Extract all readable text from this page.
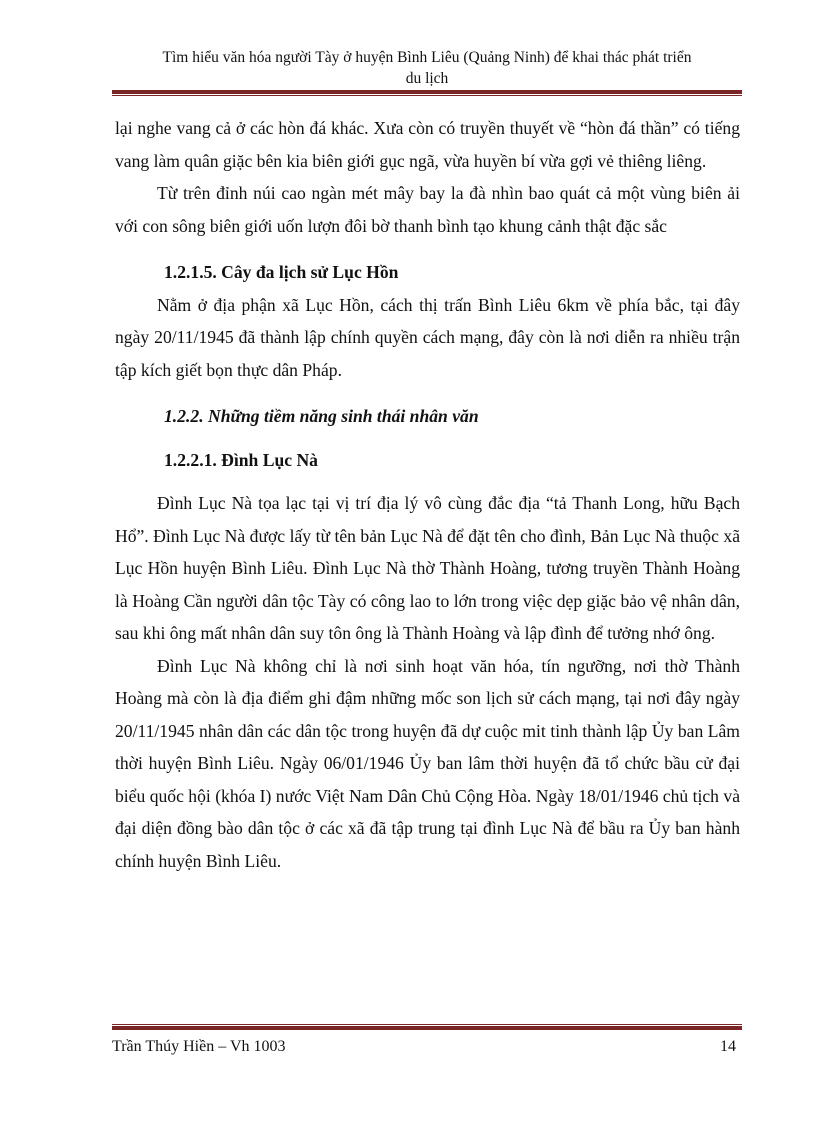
Tìm hiểu văn hóa người Tày ở huyện Bình Liêu (Quảng Ninh) để khai thác phát triển
du lịch

lại nghe vang cả ở các hòn đá khác. Xưa còn có truyền thuyết về “hòn đá thần” có tiếng vang làm quân giặc bên kia biên giới gục ngã, vừa huyền bí vừa gợi vẻ thiêng liêng.

Từ trên đỉnh núi cao ngàn mét mây bay la đà nhìn bao quát cả một vùng biên ải với con sông biên giới uốn lượn đôi bờ thanh bình tạo khung cảnh thật đặc sắc

1.2.1.5. Cây đa lịch sử Lục Hồn

Nằm ở địa phận xã Lục Hồn, cách thị trấn Bình Liêu 6km về phía bắc, tại đây ngày 20/11/1945 đã thành lập chính quyền cách mạng, đây còn là nơi diễn ra nhiều trận tập kích giết bọn thực dân Pháp.

1.2.2. Những tiềm năng sinh thái nhân văn
1.2.2.1. Đình Lục Nà

Đình Lục Nà tọa lạc tại vị trí địa lý vô cùng đắc địa “tả Thanh Long, hữu Bạch Hổ”. Đình Lục Nà được lấy từ tên bản Lục Nà để đặt tên cho đình, Bản Lục Nà thuộc xã Lục Hồn huyện Bình Liêu. Đình Lục Nà thờ Thành Hoàng, tương truyền Thành Hoàng là Hoàng Cần người dân tộc Tày có công lao to lớn trong việc dẹp giặc bảo vệ nhân dân, sau khi ông mất nhân dân suy tôn ông là Thành Hoàng và lập đình để tưởng nhớ ông.

Đình Lục Nà không chỉ là nơi sinh hoạt văn hóa, tín ngưỡng, nơi thờ Thành Hoàng mà còn là địa điểm ghi đậm những mốc son lịch sử cách mạng, tại nơi đây ngày 20/11/1945 nhân dân các dân tộc trong huyện đã dự cuộc mit tinh thành lập Ủy ban Lâm thời huyện Bình Liêu. Ngày 06/01/1946 Ủy ban lâm thời huyện đã tổ chức bầu cử đại biểu quốc hội (khóa I) nước Việt Nam Dân Chủ Cộng Hòa. Ngày 18/01/1946 chủ tịch và đại diện đồng bào dân tộc ở các xã đã tập trung tại đình Lục Nà để bầu ra Ủy ban hành chính huyện Bình Liêu.

Trần Thúy Hiền – Vh 1003	14
